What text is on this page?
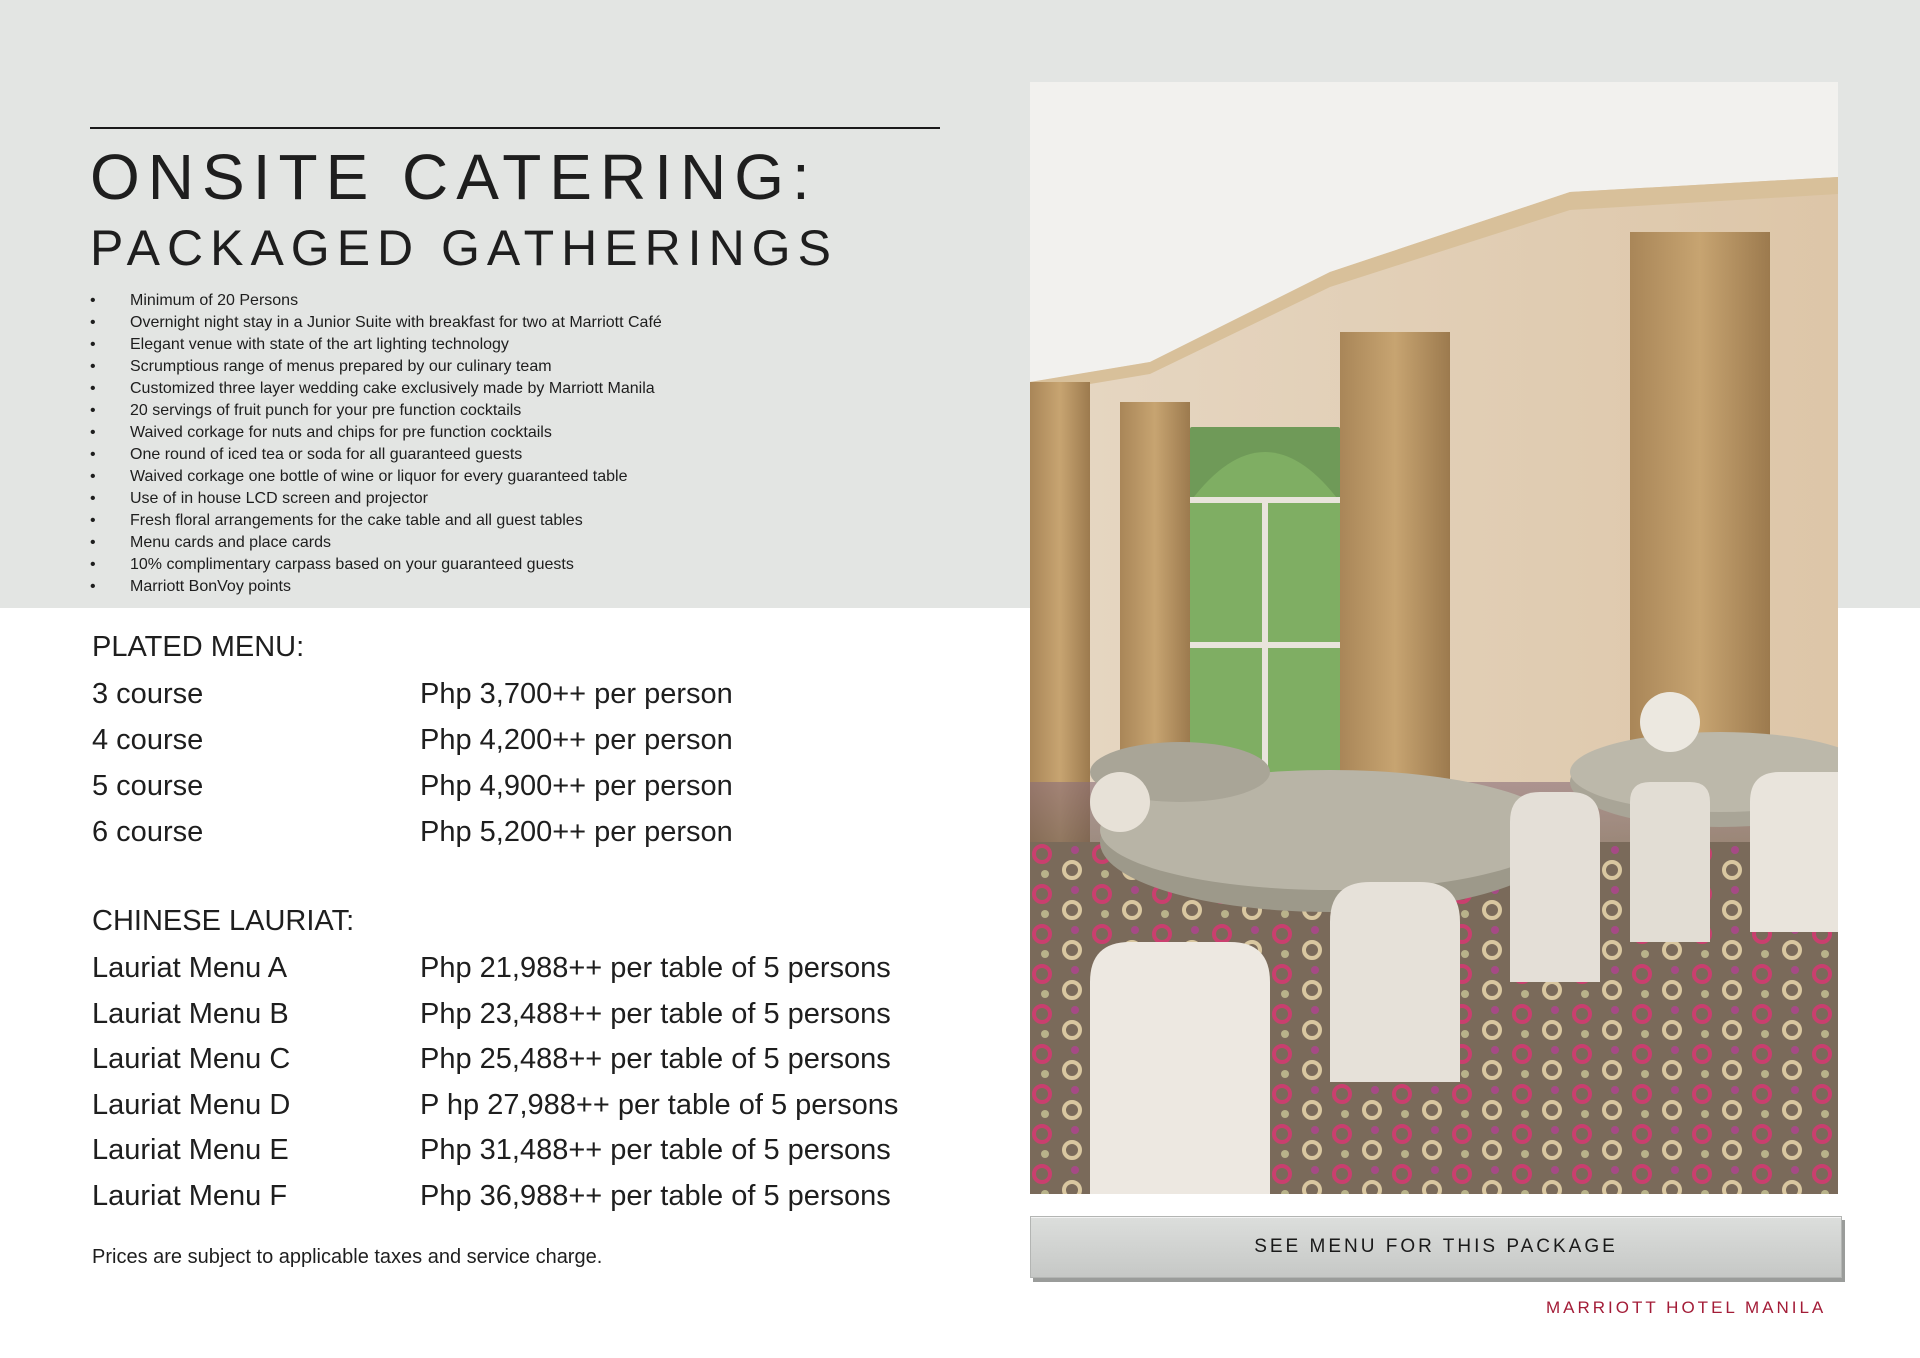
ONSITE CATERING:
PACKAGED GATHERINGS
• Minimum of 20 Persons
• Overnight night stay in a Junior Suite with breakfast for two at Marriott Café
• Elegant venue with state of the art lighting technology
• Scrumptious range of menus prepared by our culinary team
• Customized three layer wedding cake exclusively made by Marriott Manila
• 20 servings of fruit punch for your pre function cocktails
• Waived corkage for nuts and chips for pre function cocktails
• One round of iced tea or soda for all guaranteed guests
• Waived corkage one bottle of wine or liquor for every guaranteed table
• Use of in house LCD screen and projector
• Fresh floral arrangements for the cake table and all guest tables
• Menu cards and place cards
• 10% complimentary carpass based on your guaranteed guests
• Marriott BonVoy points
PLATED MENU:
3 course	Php 3,700++ per person
4 course	Php 4,200++ per person
5 course	Php 4,900++ per person
6 course	Php 5,200++ per person
CHINESE LAURIAT:
Lauriat Menu A	Php 21,988++ per table of 5 persons
Lauriat Menu B	Php 23,488++ per table of 5 persons
Lauriat Menu C	Php 25,488++ per table of 5 persons
Lauriat Menu D	P hp 27,988++ per table of 5 persons
Lauriat Menu E	Php 31,488++ per table of 5 persons
Lauriat Menu F	Php 36,988++ per table of 5 persons
Prices are subject to applicable taxes and service charge.	SEE MENU FOR THIS PACKAGE
MARRIOTT HOTEL MANILA
